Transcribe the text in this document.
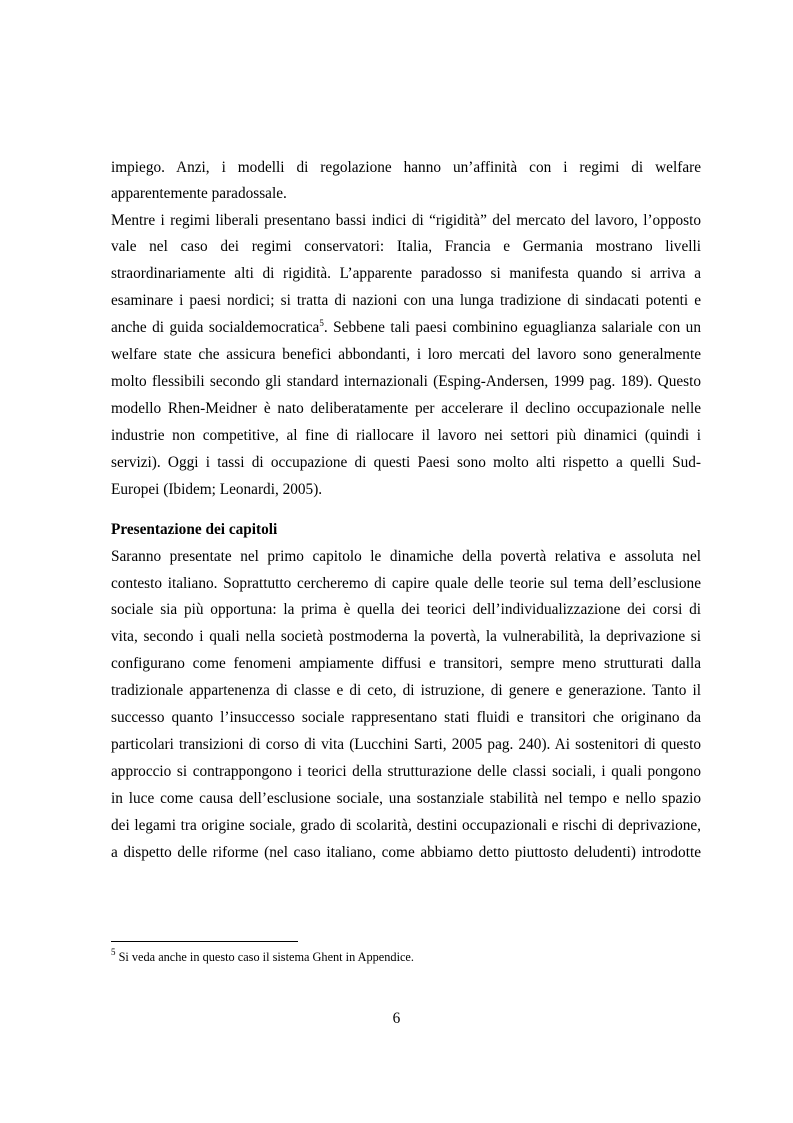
impiego. Anzi, i modelli di regolazione hanno un’affinità con i regimi di welfare
apparentemente paradossale.
Mentre i regimi liberali presentano bassi indici di “rigidità” del mercato del lavoro, l’opposto
vale nel caso dei regimi conservatori: Italia, Francia e Germania mostrano livelli
straordinariamente alti di rigidità. L’apparente paradosso si manifesta quando si arriva a
esaminare i paesi nordici; si tratta di nazioni con una lunga tradizione di sindacati potenti e
anche di guida socialdemocratica$^5$. Sebbene tali paesi combinino eguaglianza salariale con un
welfare state che assicura benefici abbondanti, i loro mercati del lavoro sono generalmente
molto flessibili secondo gli standard internazionali (Esping-Andersen, 1999 pag. 189). Questo
modello Rhen-Meidner è nato deliberatamente per accelerare il declino occupazionale nelle
industrie non competitive, al fine di riallocare il lavoro nei settori più dinamici (quindi i
servizi). Oggi i tassi di occupazione di questi Paesi sono molto alti rispetto a quelli Sud-
Europei (Ibidem; Leonardi, 2005).
Presentazione dei capitoli
Saranno presentate nel primo capitolo le dinamiche della povertà relativa e assoluta nel
contesto italiano. Soprattutto cercheremo di capire quale delle teorie sul tema dell’esclusione
sociale sia più opportuna: la prima è quella dei teorici dell’individualizzazione dei corsi di
vita, secondo i quali nella società postmoderna la povertà, la vulnerabilità, la deprivazione si
configurano come fenomeni ampiamente diffusi e transitori, sempre meno strutturati dalla
tradizionale appartenenza di classe e di ceto, di istruzione, di genere e generazione. Tanto il
successo quanto l’insuccesso sociale rappresentano stati fluidi e transitori che originano da
particolari transizioni di corso di vita (Lucchini Sarti, 2005 pag. 240). Ai sostenitori di questo
approccio si contrappongono i teorici della strutturazione delle classi sociali, i quali pongono
in luce come causa dell’esclusione sociale, una sostanziale stabilità nel tempo e nello spazio
dei legami tra origine sociale, grado di scolarità, destini occupazionali e rischi di deprivazione,
a dispetto delle riforme (nel caso italiano, come abbiamo detto piuttosto deludenti) introdotte
$^5$ Si veda anche in questo caso il sistema Ghent in Appendice.
6
